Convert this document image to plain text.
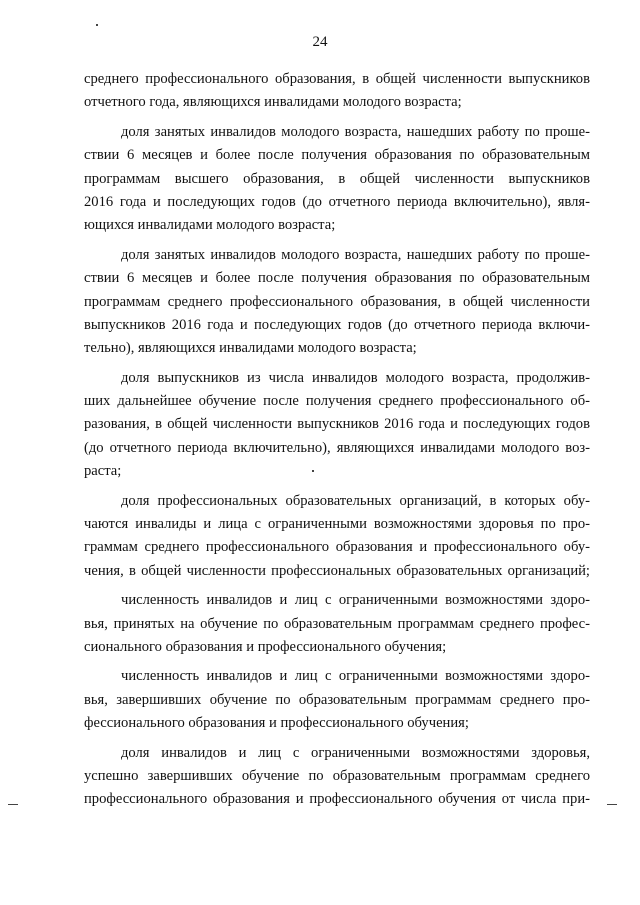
24
среднего профессионального образования, в общей численности выпускников
отчетного года, являющихся инвалидами молодого возраста;
доля занятых инвалидов молодого возраста, нашедших работу по проше-
ствии 6 месяцев и более после получения образования по образовательным
программам высшего образования, в общей численности выпускников
2016 года и последующих годов (до отчетного периода включительно), явля-
ющихся инвалидами молодого возраста;
доля занятых инвалидов молодого возраста, нашедших работу по проше-
ствии 6 месяцев и более после получения образования по образовательным
программам среднего профессионального образования, в общей численности
выпускников 2016 года и последующих годов (до отчетного периода включи-
тельно), являющихся инвалидами молодого возраста;
доля выпускников из числа инвалидов молодого возраста, продолжив-
ших дальнейшее обучение после получения среднего профессионального об-
разования, в общей численности выпускников 2016 года и последующих годов
(до отчетного периода включительно), являющихся инвалидами молодого воз-
раста;
доля профессиональных образовательных организаций, в которых обу-
чаются инвалиды и лица с ограниченными возможностями здоровья по про-
граммам среднего профессионального образования и профессионального обу-
чения, в общей численности профессиональных образовательных организаций;
численность инвалидов и лиц с ограниченными возможностями здоро-
вья, принятых на обучение по образовательным программам среднего профес-
сионального образования и профессионального обучения;
численность инвалидов и лиц с ограниченными возможностями здоро-
вья, завершивших обучение по образовательным программам среднего про-
фессионального образования и профессионального обучения;
доля инвалидов и лиц с ограниченными возможностями здоровья,
успешно завершивших обучение по образовательным программам среднего
профессионального образования и профессионального обучения от числа при-
